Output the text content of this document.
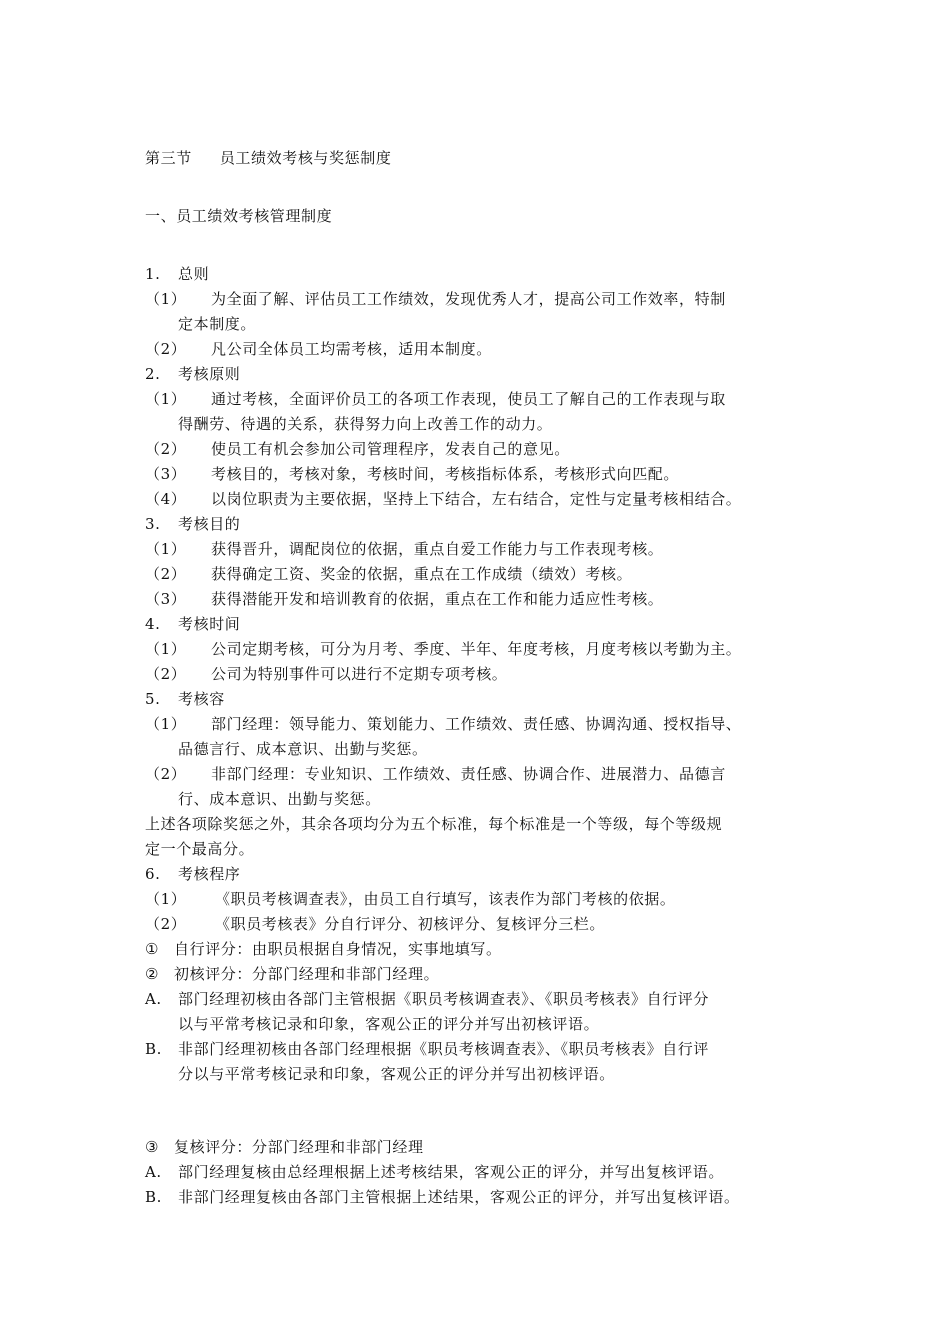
第三节 员工绩效考核与奖惩制度
一、员工绩效考核管理制度
1. 总则
（1） 为全面了解、评估员工工作绩效，发现优秀人才，提高公司工作效率，特制
定本制度。
（2） 凡公司全体员工均需考核，适用本制度。
2. 考核原则
（1） 通过考核，全面评价员工的各项工作表现，使员工了解自己的工作表现与取
得酬劳、待遇的关系，获得努力向上改善工作的动力。
（2） 使员工有机会参加公司管理程序，发表自己的意见。
（3） 考核目的，考核对象，考核时间，考核指标体系，考核形式向匹配。
（4） 以岗位职责为主要依据，坚持上下结合，左右结合，定性与定量考核相结合。
3. 考核目的
（1） 获得晋升，调配岗位的依据，重点自爱工作能力与工作表现考核。
（2） 获得确定工资、奖金的依据，重点在工作成绩（绩效）考核。
（3） 获得潜能开发和培训教育的依据，重点在工作和能力适应性考核。
4. 考核时间
（1） 公司定期考核，可分为月考、季度、半年、年度考核，月度考核以考勤为主。
（2） 公司为特别事件可以进行不定期专项考核。
5. 考核容
（1） 部门经理：领导能力、策划能力、工作绩效、责任感、协调沟通、授权指导、
品德言行、成本意识、出勤与奖惩。
（2） 非部门经理：专业知识、工作绩效、责任感、协调合作、进展潜力、品德言
行、成本意识、出勤与奖惩。
上述各项除奖惩之外，其余各项均分为五个标准，每个标准是一个等级，每个等级规
定一个最高分。
6. 考核程序
（1） 《职员考核调查表》，由员工自行填写，该表作为部门考核的依据。
（2） 《职员考核表》分自行评分、初核评分、复核评分三栏。
① 自行评分：由职员根据自身情况，实事地填写。
② 初核评分：分部门经理和非部门经理。
A. 部门经理初核由各部门主管根据《职员考核调查表》、《职员考核表》自行评分
以与平常考核记录和印象，客观公正的评分并写出初核评语。
B. 非部门经理初核由各部门经理根据《职员考核调查表》、《职员考核表》自行评
分以与平常考核记录和印象，客观公正的评分并写出初核评语。
③ 复核评分：分部门经理和非部门经理
A. 部门经理复核由总经理根据上述考核结果，客观公正的评分，并写出复核评语。
B. 非部门经理复核由各部门主管根据上述结果，客观公正的评分，并写出复核评语。
